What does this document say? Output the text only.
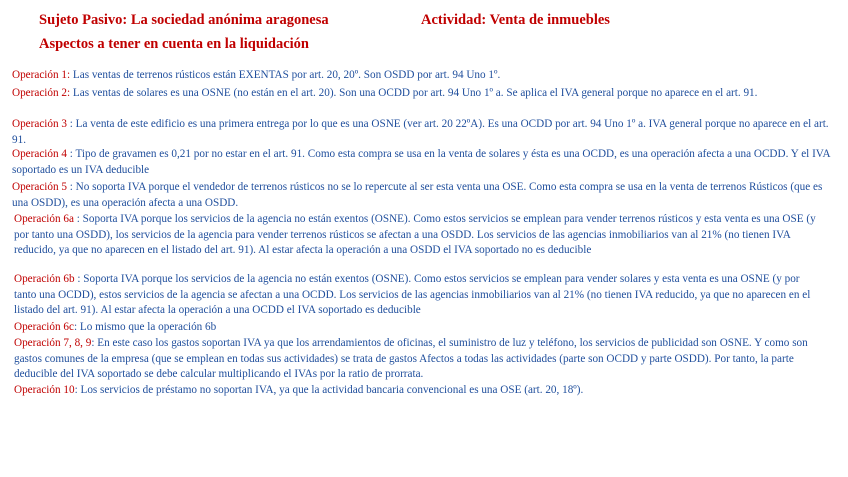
Sujeto Pasivo: La sociedad anónima aragonesa	Actividad: Venta de inmuebles
Aspectos a tener en cuenta en la liquidación
Operación 1: Las ventas de terrenos rústicos están EXENTAS por art. 20, 20º. Son OSDD por art. 94 Uno 1º.
Operación 2: Las ventas de solares es una OSNE (no están en el art. 20). Son una OCDD por art. 94 Uno 1º a. Se aplica el IVA general porque no aparece en el art. 91.
Operación 3 : La venta de este edificio es una primera entrega por lo que es una OSNE (ver art. 20 22ºA). Es una OCDD por art. 94 Uno 1º a. IVA general porque no aparece en el art. 91.
Operación 4 : Tipo de gravamen es 0,21 por no estar en el art. 91. Como esta compra se usa en la venta de solares y ésta es una OCDD, es una operación afecta a una OCDD. Y el IVA soportado es un IVA deducible
Operación 5 : No soporta IVA porque el vendedor de terrenos rústicos no se lo repercute al ser esta venta una OSE. Como esta compra se usa en la venta de terrenos Rústicos (que es una OSDD), es una operación afecta a una OSDD.
Operación 6a : Soporta IVA porque los servicios de la agencia no están exentos (OSNE). Como estos servicios se emplean para vender terrenos rústicos y esta venta es una OSE (y por tanto una OSDD), los servicios de la agencia para vender terrenos rústicos se afectan a una OSDD. Los servicios de las agencias inmobiliarios van al 21% (no tienen IVA reducido, ya que no aparecen en el listado del art. 91). Al estar afecta la operación a una OSDD el IVA soportado no es deducible
Operación 6b : Soporta IVA porque los servicios de la agencia no están exentos (OSNE). Como estos servicios se emplean para vender solares y esta venta es una OSNE (y por tanto una OCDD), estos servicios de la agencia se afectan a una OCDD. Los servicios de las agencias inmobiliarios van al 21% (no tienen IVA reducido, ya que no aparecen en el listado del art. 91). Al estar afecta la operación a una OCDD el IVA soportado es deducible
Operación 6c: Lo mismo que la operación 6b
Operación 7, 8, 9: En este caso los gastos soportan IVA ya que los arrendamientos de oficinas, el suministro de luz y teléfono, los servicios de publicidad son OSNE. Y como son gastos comunes de la empresa (que se emplean en todas sus actividades) se trata de gastos Afectos a todas las actividades (parte son OCDD y parte OSDD). Por tanto, la parte deducible del IVA soportado se debe calcular multiplicando el IVAs por la ratio de prorrata.
Operación 10: Los servicios de préstamo no soportan IVA, ya que la actividad bancaria convencional es una OSE (art. 20, 18º).
